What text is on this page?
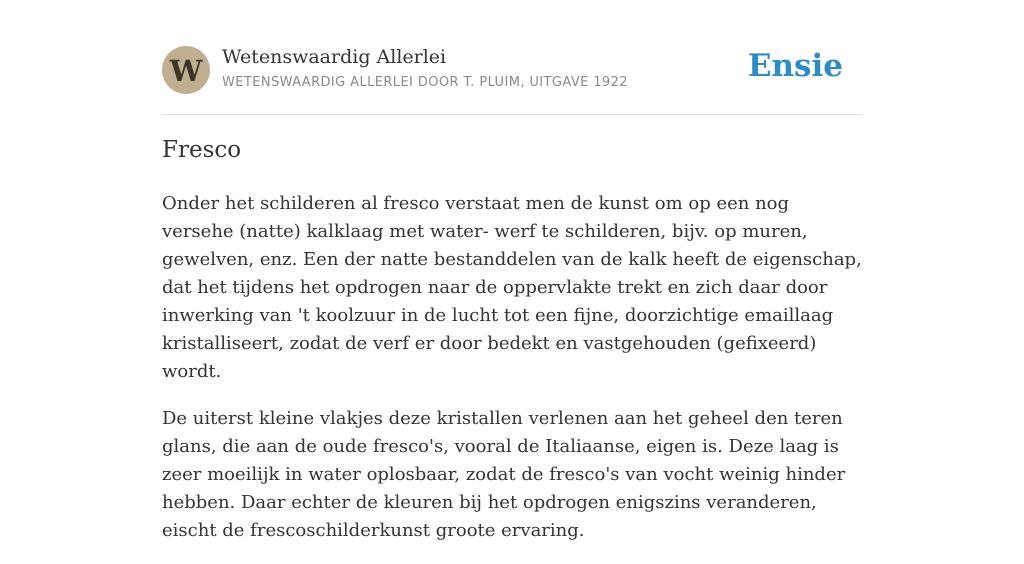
W	Wetenswaardig Allerlei
WETENSWAARDIG ALLERLEI DOOR T. PLUIM, UITGAVE 1922	Ensie
Fresco

Onder het schilderen al fresco verstaat men de kunst om op een nog versehe (natte) kalklaag met water- werf te schilderen, bijv. op muren, gewelven, enz. Een der natte bestanddelen van de kalk heeft de eigenschap, dat het tijdens het opdrogen naar de oppervlakte trekt en zich daar door inwerking van 't koolzuur in de lucht tot een fijne, doorzichtige emaillaag kristalliseert, zodat de verf er door bedekt en vastgehouden (gefixeerd) wordt.

De uiterst kleine vlakjes deze kristallen verlenen aan het geheel den teren glans, die aan de oude fresco's, vooral de Italiaanse, eigen is. Deze laag is zeer moeilijk in water oplosbaar, zodat de fresco's van vocht weinig hinder hebben. Daar echter de kleuren bij het opdrogen enigszins veranderen, eischt de frescoschilderkunst groote ervaring.
